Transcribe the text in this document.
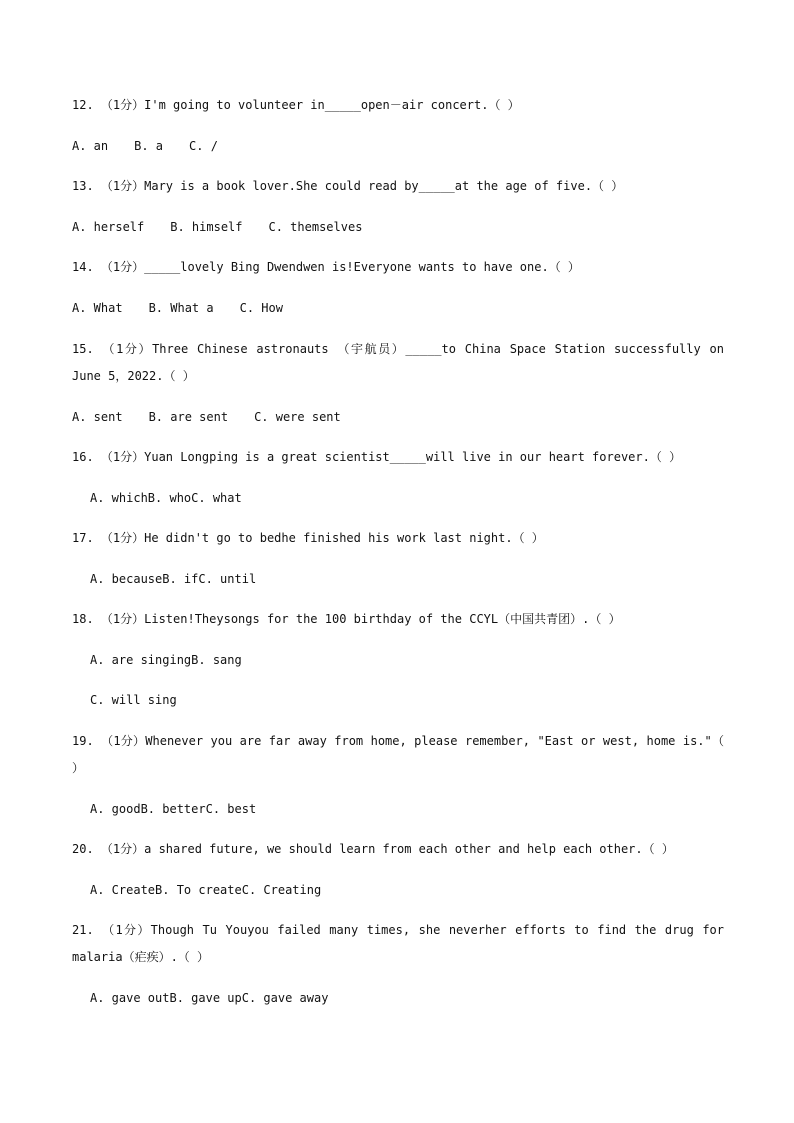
12. （1分）I'm going to volunteer in_____open－air concert.（ ）
A. an B. a C. /
13. （1分）Mary is a book lover.She could read by_____at the age of five.（ ）
A. herself B. himself C. themselves
14. （1分）_____lovely Bing Dwendwen is!Everyone wants to have one.（ ）
A. What B. What a C. How
15. （1分）Three Chinese astronauts （宇航员）_____to China Space Station successfully on
June 5，2022.（ ）
A. sent B. are sent C. were sent
16. （1分）Yuan Longping is a great scientist_____will live in our heart forever.（ ）
A. whichB. whoC. what
17. （1分）He didn't go to bedhe finished his work last night.（ ）
A. becauseB. ifC. until
18. （1分）Listen!Theysongs for the 100 birthday of the CCYL（中国共青团）.（ ）
A. are singingB. sang
C. will sing
19. （1分）Whenever you are far away from home, please remember, "East or west, home is."（
）
A. goodB. betterC. best
20. （1分）a shared future, we should learn from each other and help each other.（ ）
A. CreateB. To createC. Creating
21. （1分）Though Tu Youyou failed many times, she neverher efforts to find the drug for
malaria（疟疾）.（ ）
A. gave outB. gave upC. gave away
